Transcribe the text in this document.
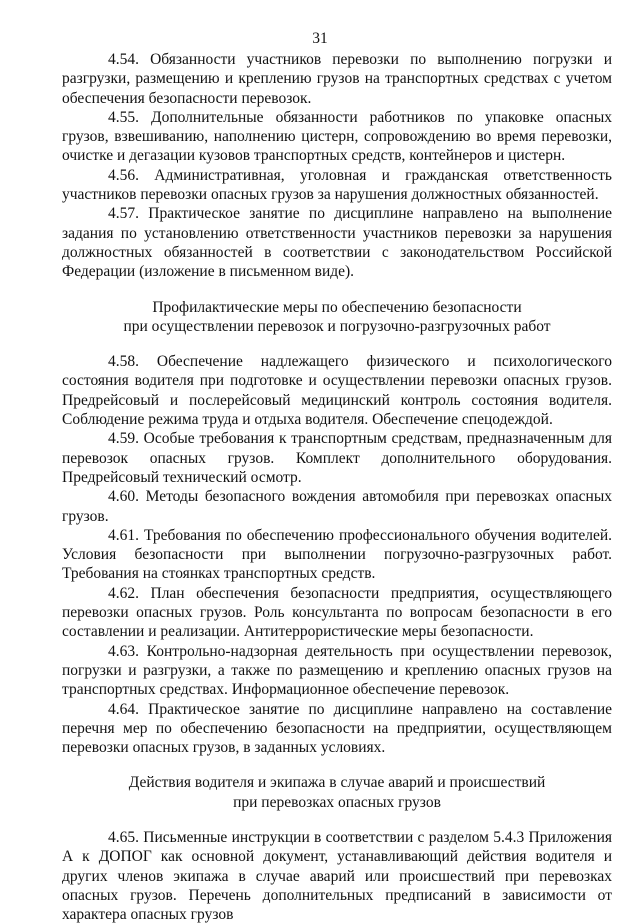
31

4.54. Обязанности участников перевозки по выполнению погрузки и разгрузки, размещению и креплению грузов на транспортных средствах с учетом обеспечения безопасности перевозок.

4.55. Дополнительные обязанности работников по упаковке опасных грузов, взвешиванию, наполнению цистерн, сопровождению во время перевозки, очистке и дегазации кузовов транспортных средств, контейнеров и цистерн.

4.56. Административная, уголовная и гражданская ответственность участников перевозки опасных грузов за нарушения должностных обязанностей.

4.57. Практическое занятие по дисциплине направлено на выполнение задания по установлению ответственности участников перевозки за нарушения должностных обязанностей в соответствии с законодательством Российской Федерации (изложение в письменном виде).

Профилактические меры по обеспечению безопасности

при осуществлении перевозок и погрузочно-разгрузочных работ

4.58. Обеспечение надлежащего физического и психологического состояния водителя при подготовке и осуществлении перевозки опасных грузов. Предрейсовый и послерейсовый медицинский контроль состояния водителя. Соблюдение режима труда и отдыха водителя. Обеспечение спецодеждой.

4.59. Особые требования к транспортным средствам, предназначенным для перевозок опасных грузов. Комплект дополнительного оборудования. Предрейсовый технический осмотр.

4.60. Методы безопасного вождения автомобиля при перевозках опасных грузов.

4.61. Требования по обеспечению профессионального обучения водителей. Условия безопасности при выполнении погрузочно-разгрузочных работ. Требования на стоянках транспортных средств.

4.62. План обеспечения безопасности предприятия, осуществляющего перевозки опасных грузов. Роль консультанта по вопросам безопасности в его составлении и реализации. Антитеррористические меры безопасности.

4.63. Контрольно-надзорная деятельность при осуществлении перевозок, погрузки и разгрузки, а также по размещению и креплению опасных грузов на транспортных средствах. Информационное обеспечение перевозок.

4.64. Практическое занятие по дисциплине направлено на составление перечня мер по обеспечению безопасности на предприятии, осуществляющем перевозки опасных грузов, в заданных условиях.

Действия водителя и экипажа в случае аварий и происшествий

при перевозках опасных грузов

4.65. Письменные инструкции в соответствии с разделом 5.4.3 Приложения А к ДОПОГ как основной документ, устанавливающий действия водителя и других членов экипажа в случае аварий или происшествий при перевозках опасных грузов. Перечень дополнительных предписаний в зависимости от характера опасных грузов
